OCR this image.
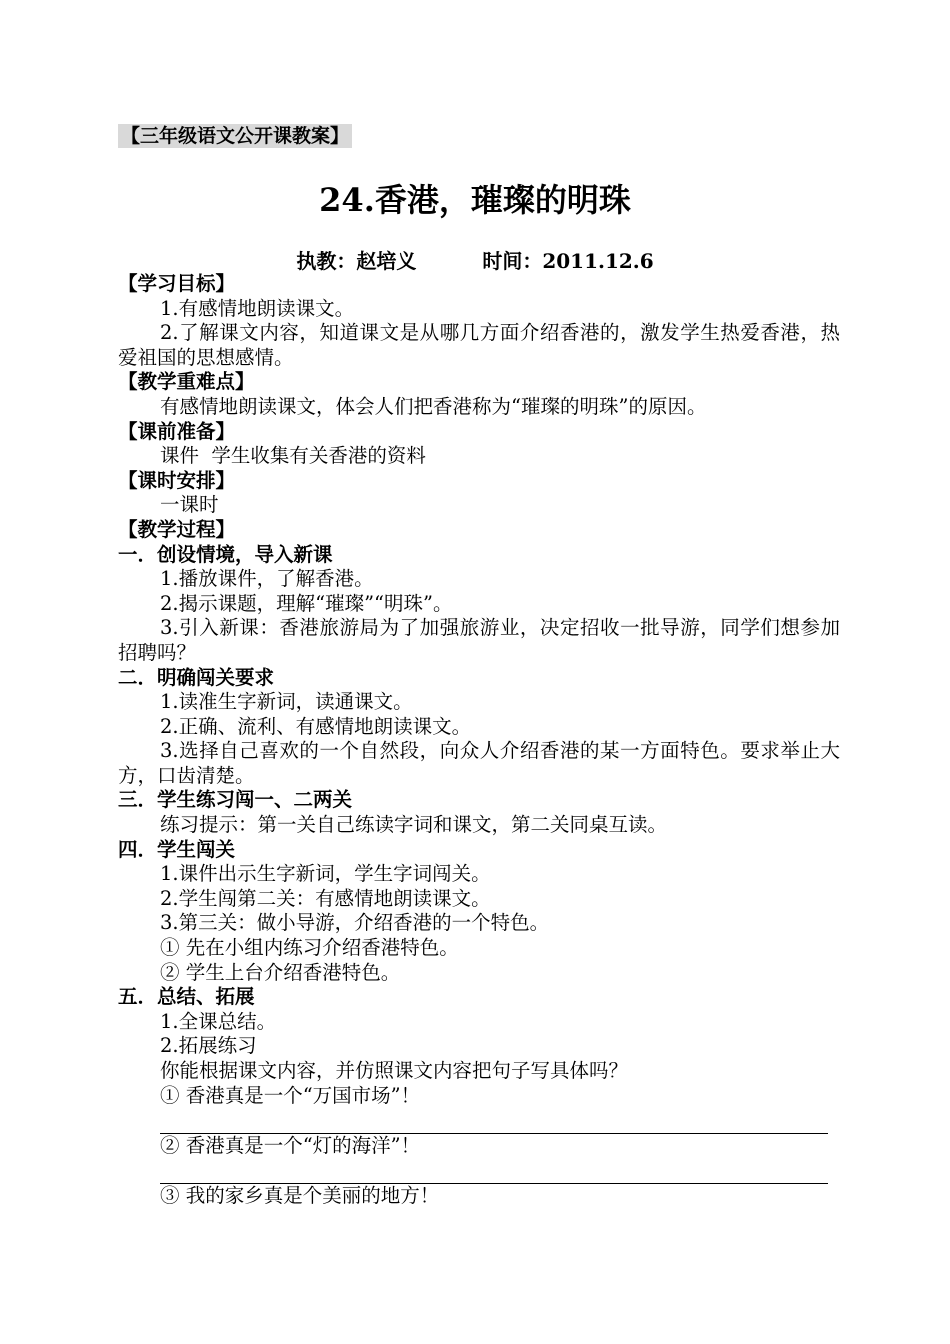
【三年级语文公开课教案】
24.香港，璀璨的明珠
执教：赵培义	时间：2011.12.6
【学习目标】
1.有感情地朗读课文。
2.了解课文内容，知道课文是从哪几方面介绍香港的，激发学生热爱香港，热爱祖国的思想感情。
【教学重难点】
有感情地朗读课文，体会人们把香港称为“璀璨的明珠”的原因。
【课前准备】
课件  学生收集有关香港的资料
【课时安排】
一课时
【教学过程】
一．创设情境，导入新课
1.播放课件，了解香港。
2.揭示课题，理解“璀璨”“明珠”。
3.引入新课：香港旅游局为了加强旅游业，决定招收一批导游，同学们想参加招聘吗？
二．明确闯关要求
1.读准生字新词，读通课文。
2.正确、流利、有感情地朗读课文。
3.选择自己喜欢的一个自然段，向众人介绍香港的某一方面特色。要求举止大方，口齿清楚。
三．学生练习闯一、二两关
练习提示：第一关自己练读字词和课文，第二关同桌互读。
四．学生闯关
1.课件出示生字新词，学生字词闯关。
2.学生闯第二关：有感情地朗读课文。
3.第三关：做小导游，介绍香港的一个特色。
① 先在小组内练习介绍香港特色。
② 学生上台介绍香港特色。
五．总结、拓展
1.全课总结。
2.拓展练习
你能根据课文内容，并仿照课文内容把句子写具体吗？
① 香港真是一个“万国市场”！
② 香港真是一个“灯的海洋”！
③ 我的家乡真是个美丽的地方！
